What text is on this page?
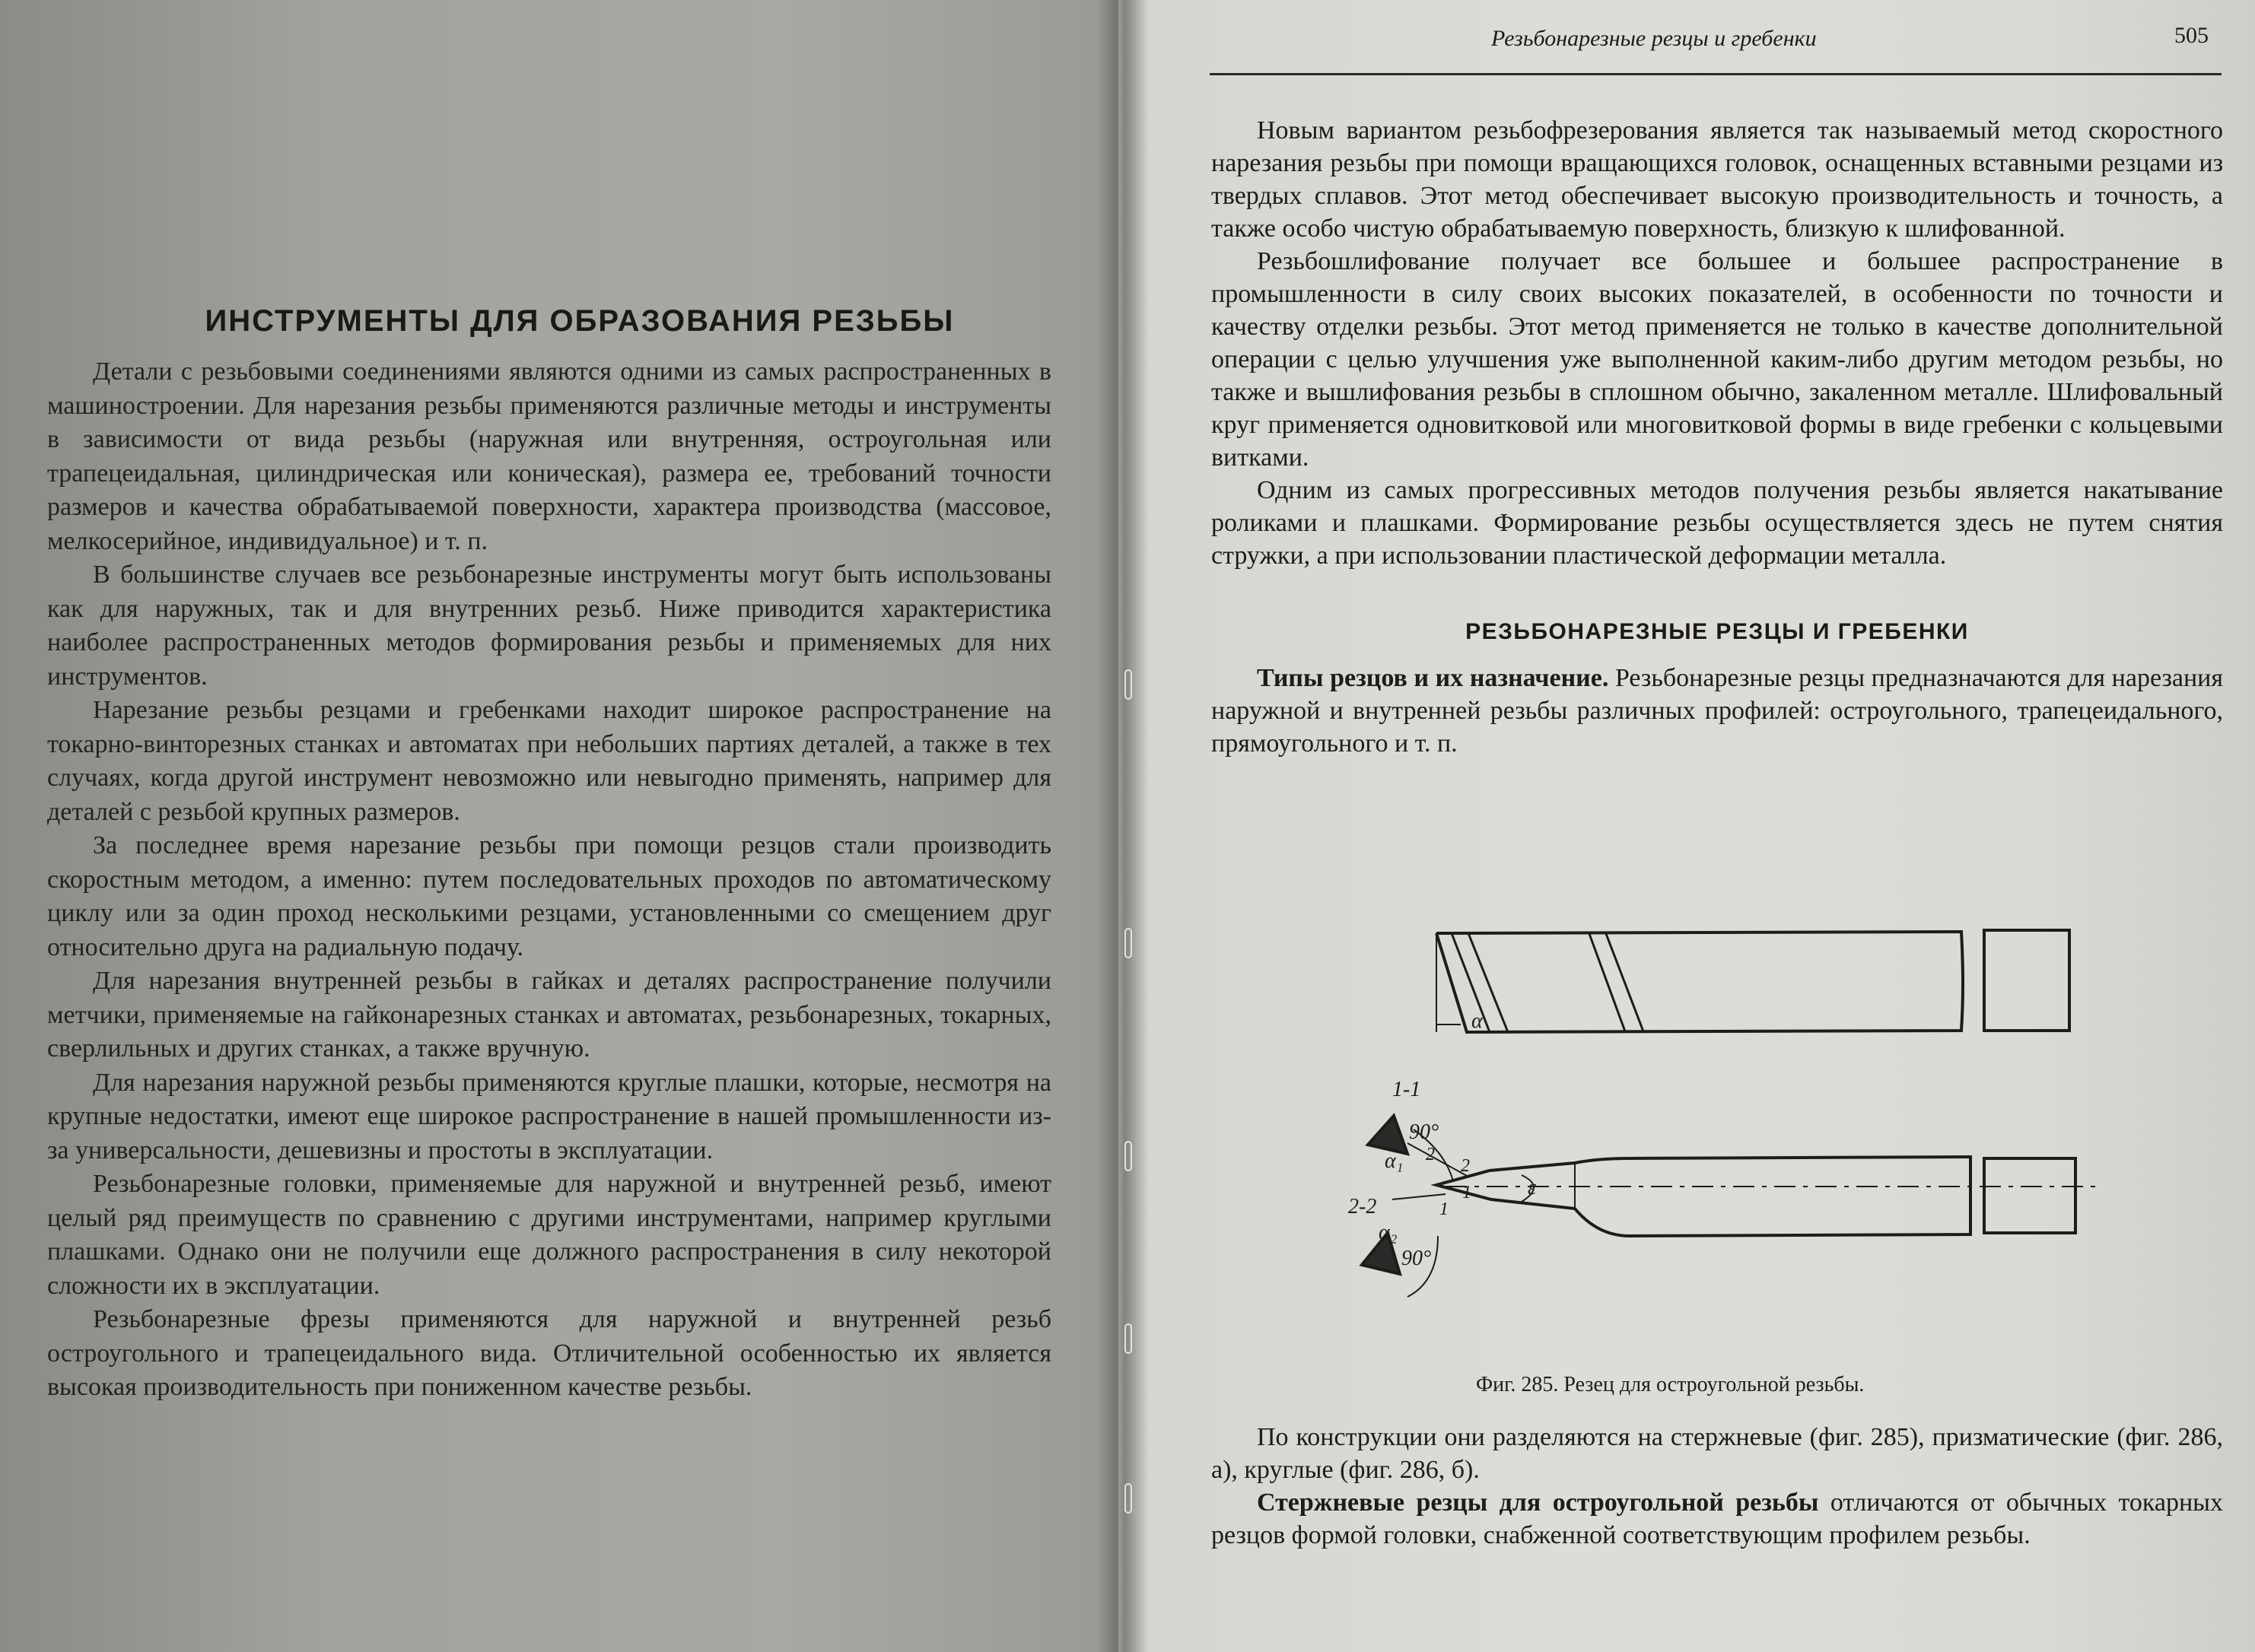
ИНСТРУМЕНТЫ ДЛЯ ОБРАЗОВАНИЯ РЕЗЬБЫ

Детали с резьбовыми соединениями являются одними из самых распространенных в машиностроении. Для нарезания резьбы применяются различные методы и инструменты в зависимости от вида резьбы (наружная или внутренняя, остроугольная или трапецеидальная, цилиндрическая или коническая), размера ее, требований точности размеров и качества обрабатываемой поверхности, характера производства (массовое, мелкосерийное, индивидуальное) и т. п.

В большинстве случаев все резьбонарезные инструменты могут быть использованы как для наружных, так и для внутренних резьб. Ниже приводится характеристика наиболее распространенных методов формирования резьбы и применяемых для них инструментов.

Нарезание резьбы резцами и гребенками находит широкое распространение на токарно-винторезных станках и автоматах при небольших партиях деталей, а также в тех случаях, когда другой инструмент невозможно или невыгодно применять, например для деталей с резьбой крупных размеров.

За последнее время нарезание резьбы при помощи резцов стали производить скоростным методом, а именно: путем последовательных проходов по автоматическому циклу или за один проход несколькими резцами, установленными со смещением друг относительно друга на радиальную подачу.

Для нарезания внутренней резьбы в гайках и деталях распространение получили метчики, применяемые на гайконарезных станках и автоматах, резьбонарезных, токарных, сверлильных и других станках, а также вручную.

Для нарезания наружной резьбы применяются круглые плашки, которые, несмотря на крупные недостатки, имеют еще широкое распространение в нашей промышленности из-за универсальности, дешевизны и простоты в эксплуатации.

Резьбонарезные головки, применяемые для наружной и внутренней резьб, имеют целый ряд преимуществ по сравнению с другими инструментами, например круглыми плашками. Однако они не получили еще должного распространения в силу некоторой сложности их в эксплуатации.

Резьбонарезные фрезы применяются для наружной и внутренней резьб остроугольного и трапецеидального вида. Отличительной особенностью их является высокая производительность при пониженном качестве резьбы.

Резьбонарезные резцы и гребенки	505

Новым вариантом резьбофрезерования является так называемый метод скоростного нарезания резьбы при помощи вращающихся головок, оснащенных вставными резцами из твердых сплавов. Этот метод обеспечивает высокую производительность и точность, а также особо чистую обрабатываемую поверхность, близкую к шлифованной.

Резьбошлифование получает все большее и большее распространение в промышленности в силу своих высоких показателей, в особенности по точности и качеству отделки резьбы. Этот метод применяется не только в качестве дополнительной операции с целью улучшения уже выполненной каким-либо другим методом резьбы, но также и вышлифования резьбы в сплошном обычно, закаленном металле. Шлифовальный круг применяется одновитковой или многовитковой формы в виде гребенки с кольцевыми витками.

Одним из самых прогрессивных методов получения резьбы является накатывание роликами и плашками. Формирование резьбы осуществляется здесь не путем снятия стружки, а при использовании пластической деформации металла.

РЕЗЬБОНАРЕЗНЫЕ РЕЗЦЫ И ГРЕБЕНКИ

Типы резцов и их назначение. Резьбонарезные резцы предназначаются для нарезания наружной и внутренней резьбы различных профилей: остроугольного, трапецеидального, прямоугольного и т. п.

α
1-1
2-2
90°
90°
α₁
α₂
ε
2
1
1
2
Фиг. 285. Резец для остроугольной резьбы.

По конструкции они разделяются на стержневые (фиг. 285), призматические (фиг. 286, а), круглые (фиг. 286, б).

Стержневые резцы для остроугольной резьбы отличаются от обычных токарных резцов формой головки, снабженной соответствующим профилем резьбы.
